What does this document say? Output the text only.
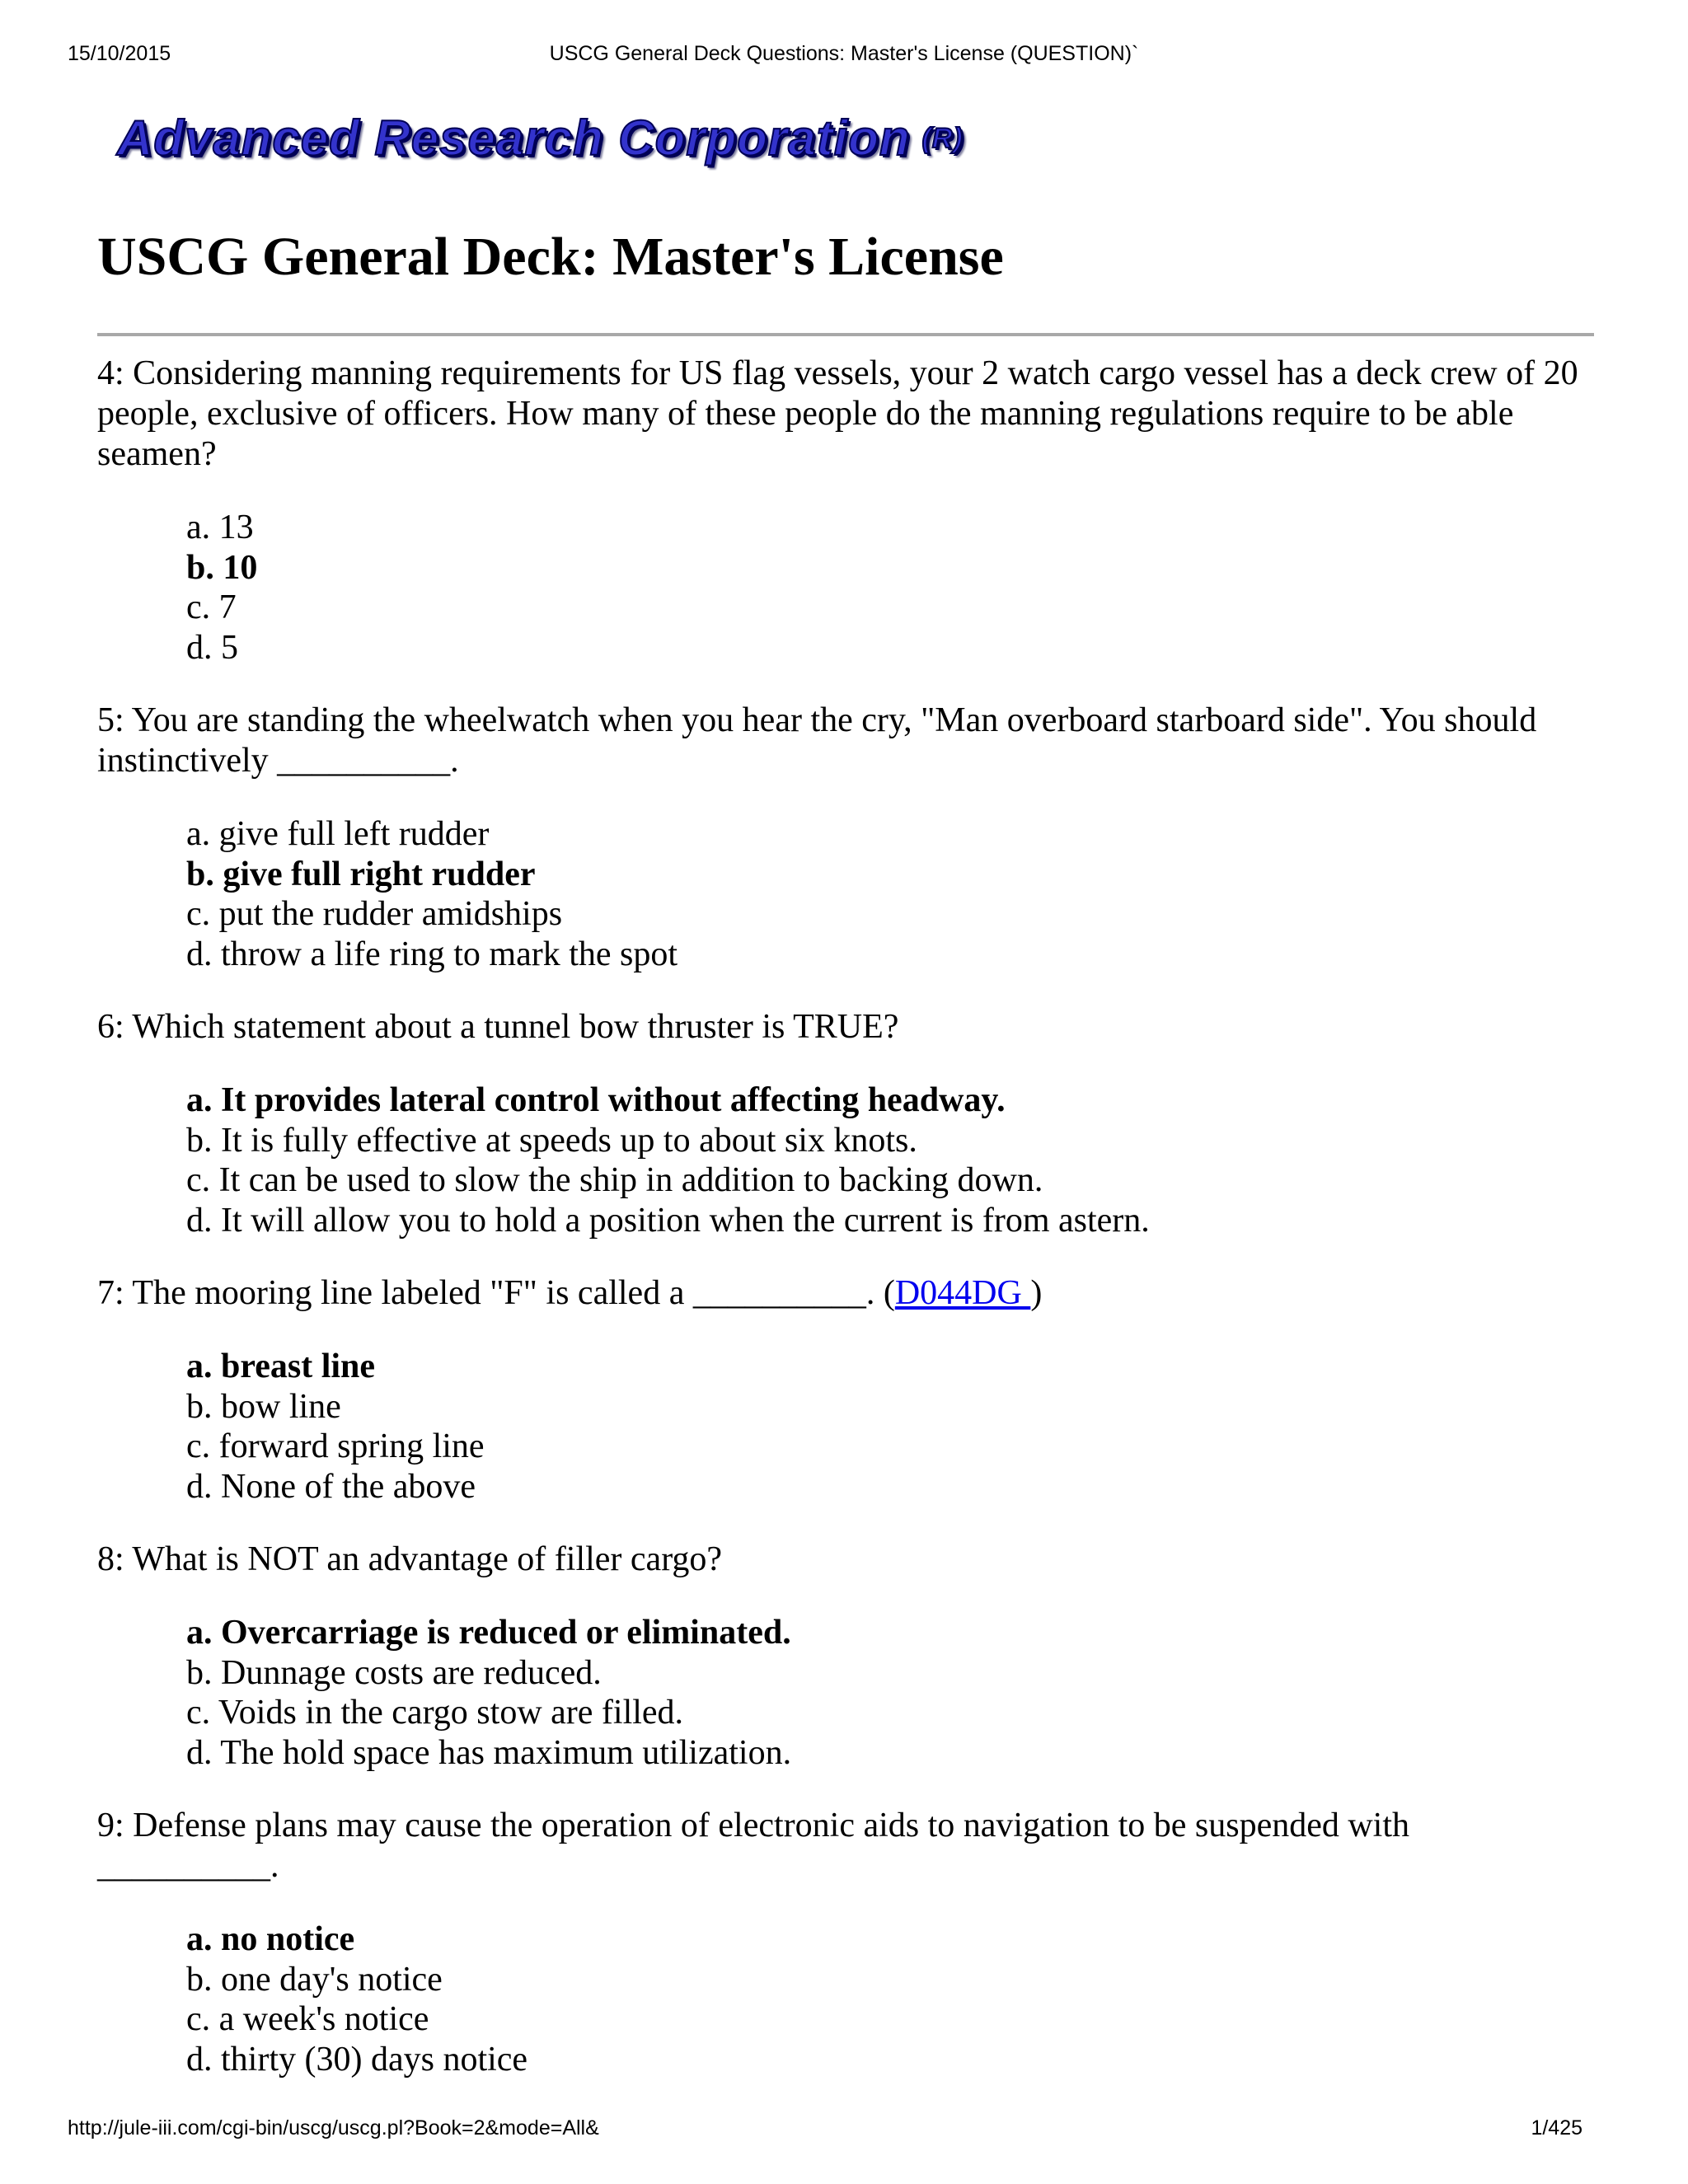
15/10/2015	USCG General Deck Questions: Master's License (QUESTION)`
Advanced Research Corporation $^{(R)}$
USCG General Deck: Master's License

4: Considering manning requirements for US flag vessels, your 2 watch cargo vessel has a deck crew of 20 people, exclusive of officers. How many of these people do the manning regulations require to be able seamen?

a. 13
b. 10
c. 7
d. 5

5: You are standing the wheelwatch when you hear the cry, "Man overboard starboard side". You should instinctively __________.

a. give full left rudder
b. give full right rudder
c. put the rudder amidships
d. throw a life ring to mark the spot

6: Which statement about a tunnel bow thruster is TRUE?

a. It provides lateral control without affecting headway.
b. It is fully effective at speeds up to about six knots.
c. It can be used to slow the ship in addition to backing down.
d. It will allow you to hold a position when the current is from astern.

7: The mooring line labeled "F" is called a __________. (D044DG )

a. breast line
b. bow line
c. forward spring line
d. None of the above

8: What is NOT an advantage of filler cargo?

a. Overcarriage is reduced or eliminated.
b. Dunnage costs are reduced.
c. Voids in the cargo stow are filled.
d. The hold space has maximum utilization.

9: Defense plans may cause the operation of electronic aids to navigation to be suspended with __________.

a. no notice
b. one day's notice
c. a week's notice
d. thirty (30) days notice
http://jule-iii.com/cgi-bin/uscg/uscg.pl?Book=2&mode=All&	1/425
